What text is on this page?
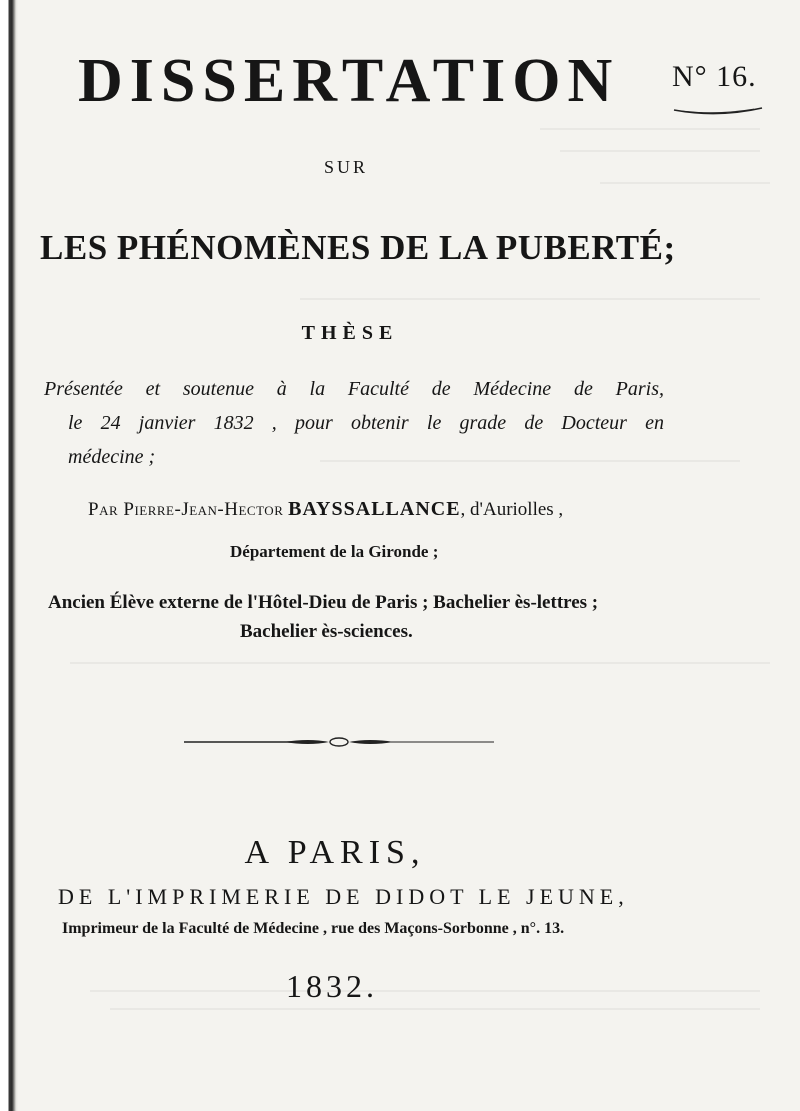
DISSERTATION N° 16.
SUR
LES PHÉNOMÈNES DE LA PUBERTÉ;
THÈSE
Présentée et soutenue à la Faculté de Médecine de Paris,
le 24 janvier 1832 , pour obtenir le grade de Docteur en
médecine ;
Par Pierre-Jean-Hector BAYSSALLANCE, d'Auriolles ,
Département de la Gironde ;
Ancien Élève externe de l'Hôtel-Dieu de Paris ; Bachelier ès-lettres ;
Bachelier ès-sciences.
A PARIS,
DE L'IMPRIMERIE DE DIDOT LE JEUNE,
Imprimeur de la Faculté de Médecine , rue des Maçons-Sorbonne , n°. 13.
1832.
